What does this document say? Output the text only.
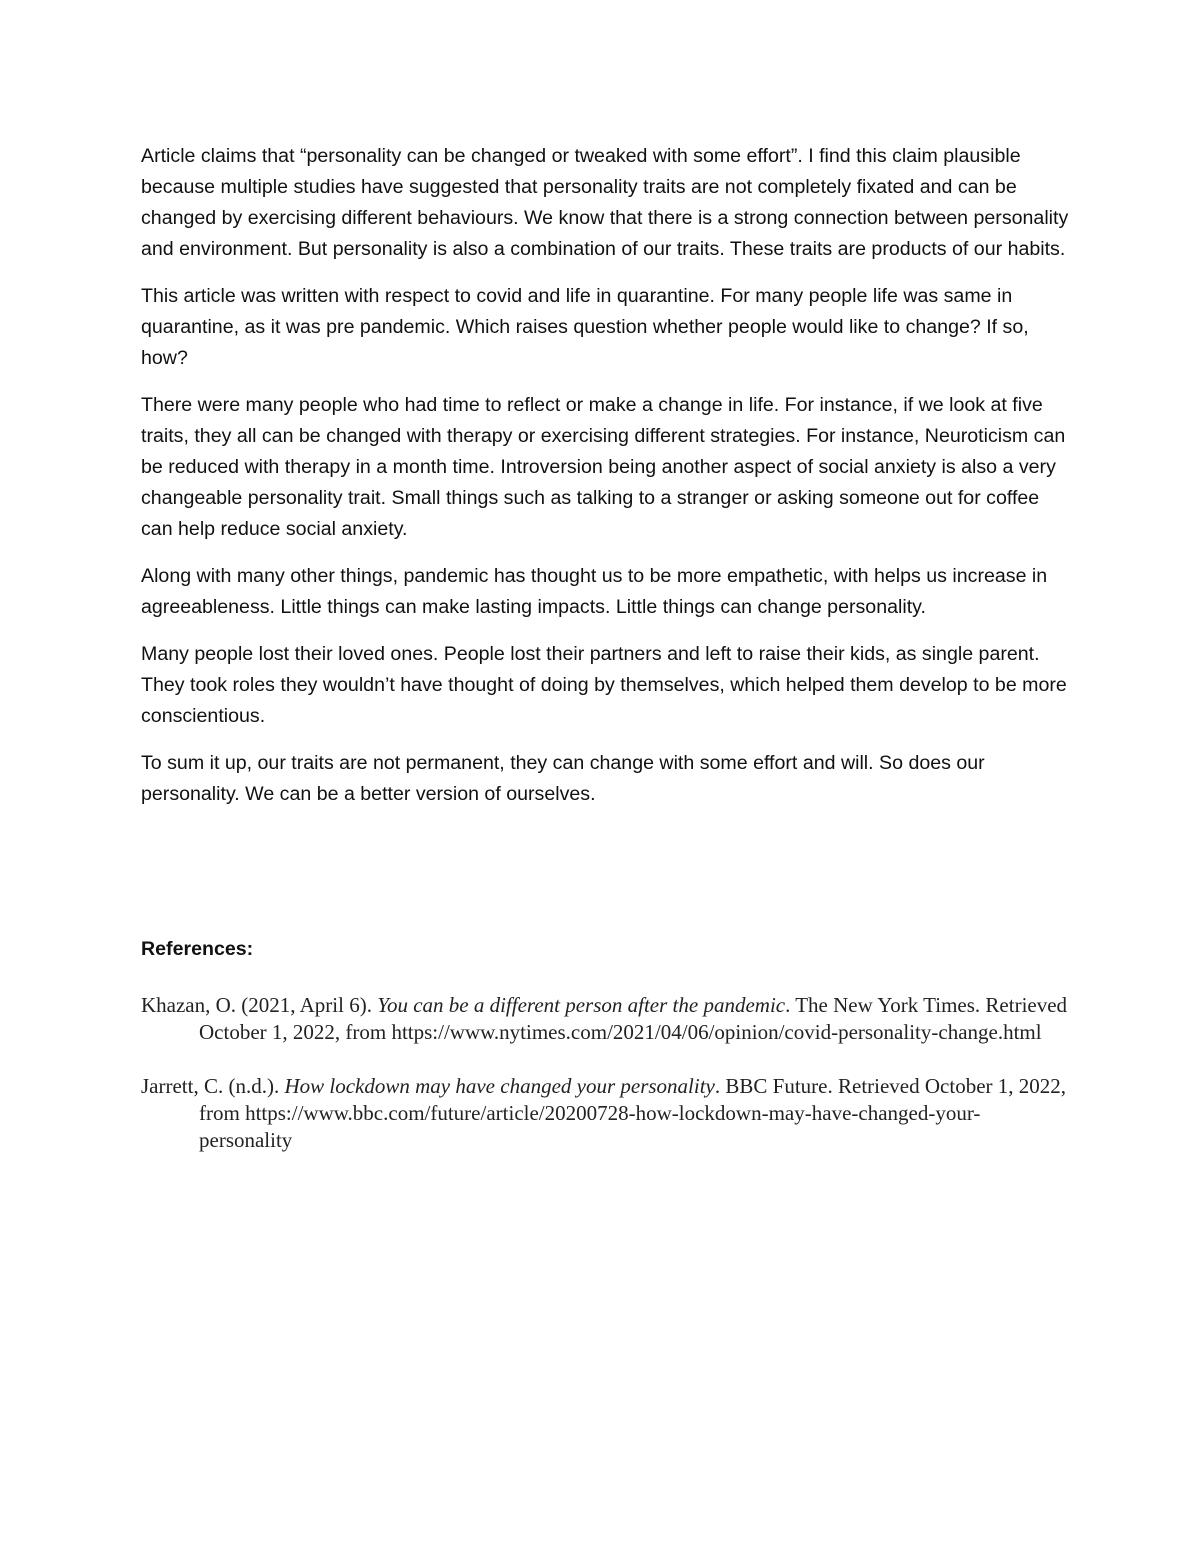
Article claims that “personality can be changed or tweaked with some effort”. I find this claim plausible because multiple studies have suggested that personality traits are not completely fixated and can be changed by exercising different behaviours. We know that there is a strong connection between personality and environment. But personality is also a combination of our traits. These traits are products of our habits.

This article was written with respect to covid and life in quarantine. For many people life was same in quarantine, as it was pre pandemic. Which raises question whether people would like to change? If so, how?

There were many people who had time to reflect or make a change in life. For instance, if we look at five traits, they all can be changed with therapy or exercising different strategies. For instance, Neuroticism can be reduced with therapy in a month time. Introversion being another aspect of social anxiety is also a very changeable personality trait. Small things such as talking to a stranger or asking someone out for coffee can help reduce social anxiety.

Along with many other things, pandemic has thought us to be more empathetic, with helps us increase in agreeableness. Little things can make lasting impacts. Little things can change personality.

Many people lost their loved ones. People lost their partners and left to raise their kids, as single parent. They took roles they wouldn’t have thought of doing by themselves, which helped them develop to be more conscientious.

To sum it up, our traits are not permanent, they can change with some effort and will. So does our personality. We can be a better version of ourselves.

References:

Khazan, O. (2021, April 6). You can be a different person after the pandemic. The New York Times. Retrieved October 1, 2022, from https://www.nytimes.com/2021/04/06/opinion/covid-personality-change.html

Jarrett, C. (n.d.). How lockdown may have changed your personality. BBC Future. Retrieved October 1, 2022, from https://www.bbc.com/future/article/20200728-how-lockdown-may-have-changed-your-personality
